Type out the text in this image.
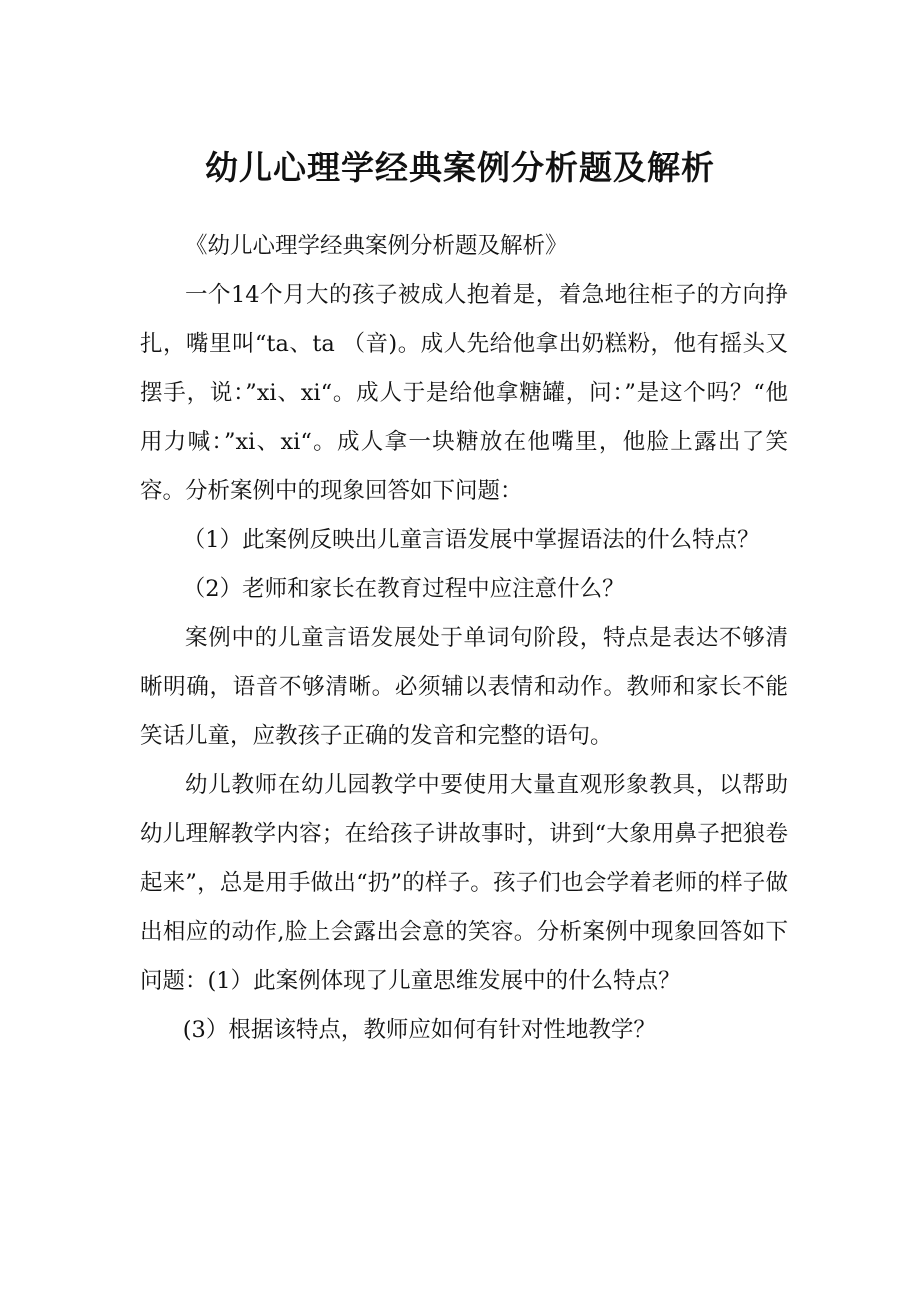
幼儿心理学经典案例分析题及解析

《幼儿心理学经典案例分析题及解析》

一个14个月大的孩子被成人抱着是，着急地往柜子的方向挣扎，嘴里叫“ta、ta （音)。成人先给他拿出奶糕粉，他有摇头又摆手，说：”xi、xi“。成人于是给他拿糖罐，问：”是这个吗？“他用力喊：”xi、xi“。成人拿一块糖放在他嘴里，他脸上露出了笑容。分析案例中的现象回答如下问题：

（1）此案例反映出儿童言语发展中掌握语法的什么特点？

（2）老师和家长在教育过程中应注意什么？

案例中的儿童言语发展处于单词句阶段，特点是表达不够清晰明确，语音不够清晰。必须辅以表情和动作。教师和家长不能笑话儿童，应教孩子正确的发音和完整的语句。

幼儿教师在幼儿园教学中要使用大量直观形象教具，以帮助幼儿理解教学内容；在给孩子讲故事时，讲到“大象用鼻子把狼卷起来”，总是用手做出“扔”的样子。孩子们也会学着老师的样子做出相应的动作,脸上会露出会意的笑容。分析案例中现象回答如下问题：(1）此案例体现了儿童思维发展中的什么特点？

(3）根据该特点，教师应如何有针对性地教学？
